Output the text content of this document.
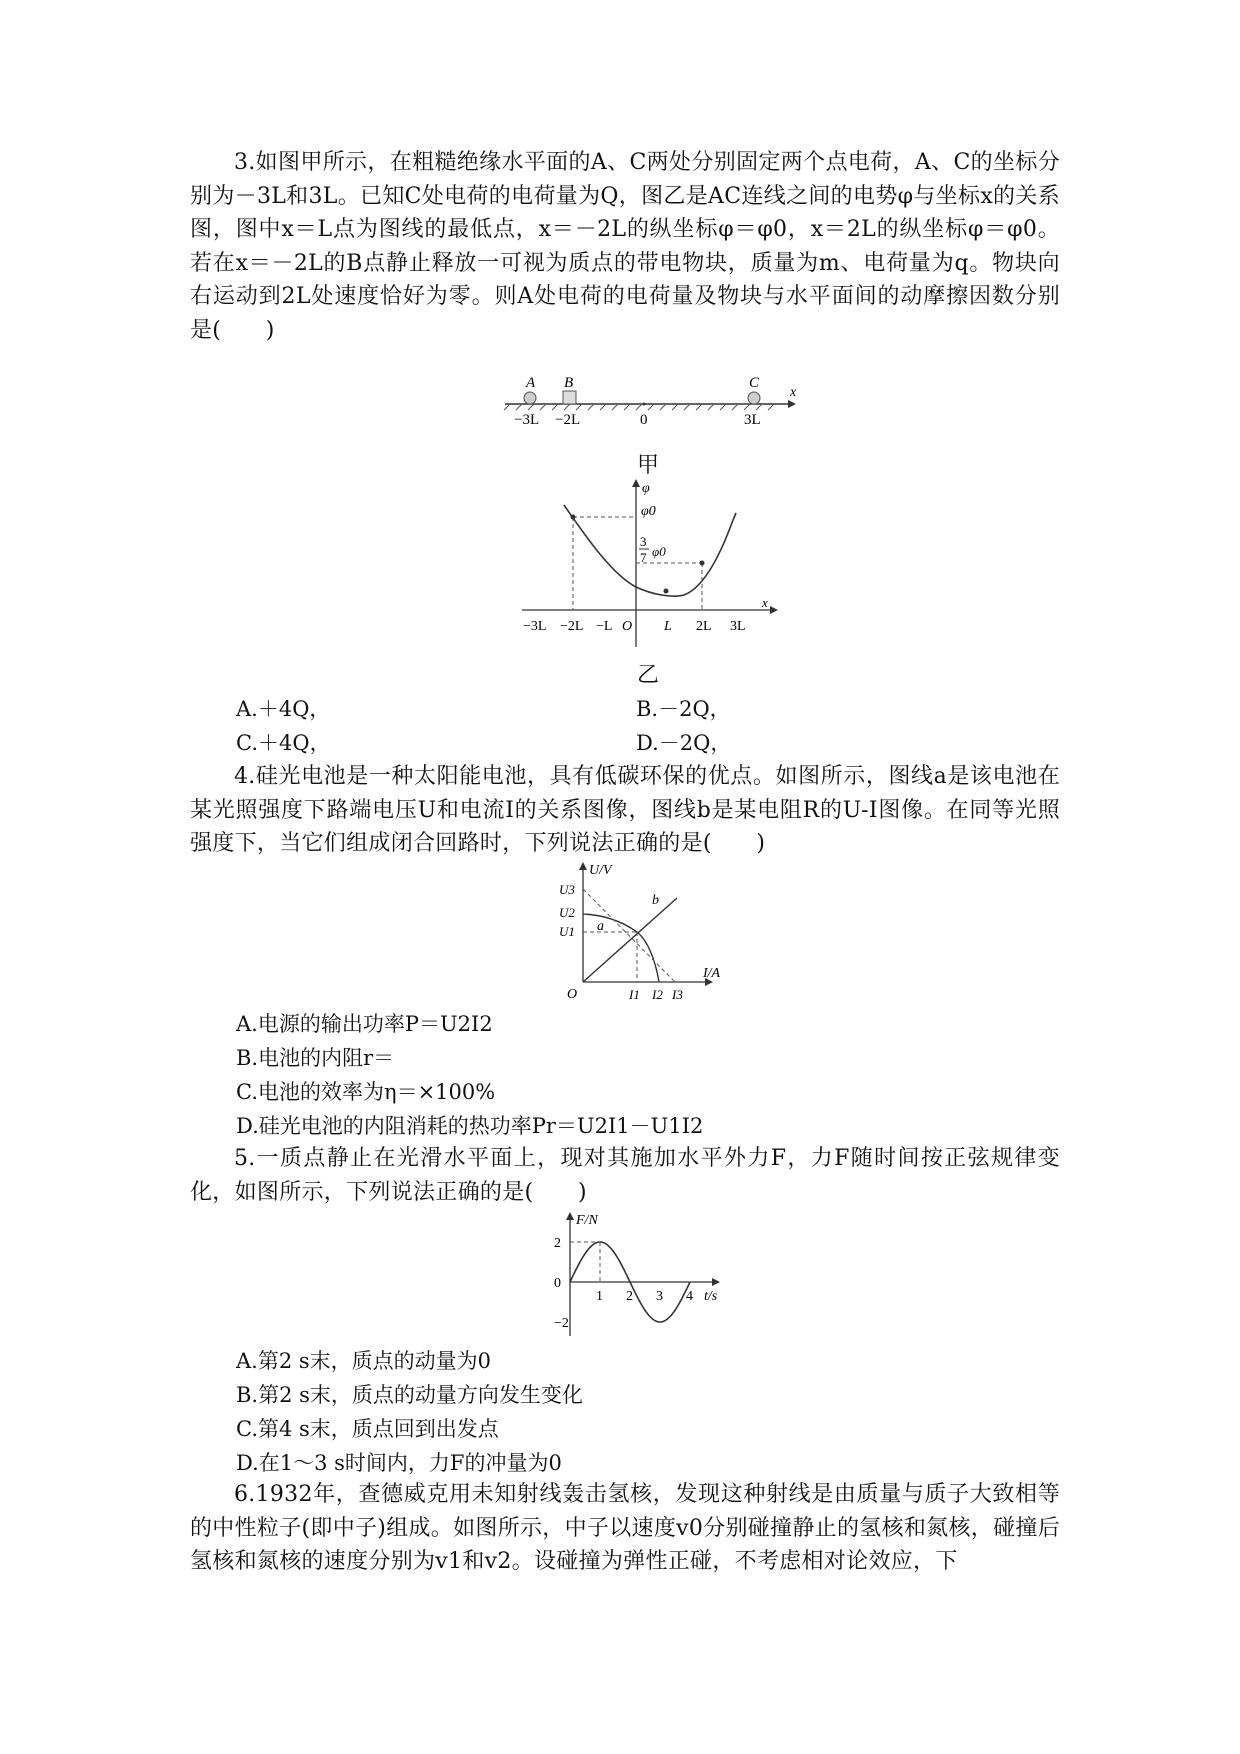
3.如图甲所示，在粗糙绝缘水平面的A、C两处分别固定两个点电荷，A、C的坐标分别为－3L和3L。已知C处电荷的电荷量为Q，图乙是AC连线之间的电势φ与坐标x的关系图，图中x＝L点为图线的最低点，x＝－2L的纵坐标φ＝φ0，x＝2L的纵坐标φ＝φ0。若在x＝－2L的B点静止释放一可视为质点的带电物块，质量为m、电荷量为q。物块向右运动到2L处速度恰好为零。则A处电荷的电荷量及物块与水平面间的动摩擦因数分别是(　　)
A B	C
x
−3L −2L	0	3L
甲
φ
x
φ0
3
7 φ0
O
−3L −2L −L	L 2L 3L
乙
A.＋4Q，	B.－2Q，
C.＋4Q，	D.－2Q，
4.硅光电池是一种太阳能电池，具有低碳环保的优点。如图所示，图线a是该电池在某光照强度下路端电压U和电流I的关系图像，图线b是某电阻R的U-I图像。在同等光照强度下，当它们组成闭合回路时，下列说法正确的是(　　)
U/V
I/A
O
U3
U2
U1
I1 I2 I3
a
b
A.电源的输出功率P＝U2I2
B.电池的内阻r＝
C.电池的效率为η＝×100%
D.硅光电池的内阻消耗的热功率Pr＝U2I1－U1I2
5.一质点静止在光滑水平面上，现对其施加水平外力F，力F随时间按正弦规律变化，如图所示，下列说法正确的是(　　)
2
0
−2
1 2 3 4
F/N
t/s
A.第2 s末，质点的动量为0
B.第2 s末，质点的动量方向发生变化
C.第4 s末，质点回到出发点
D.在1～3 s时间内，力F的冲量为0
6.1932年，查德威克用未知射线轰击氢核，发现这种射线是由质量与质子大致相等的中性粒子(即中子)组成。如图所示，中子以速度v0分别碰撞静止的氢核和氮核，碰撞后氢核和氮核的速度分别为v1和v2。设碰撞为弹性正碰，不考虑相对论效应，下
